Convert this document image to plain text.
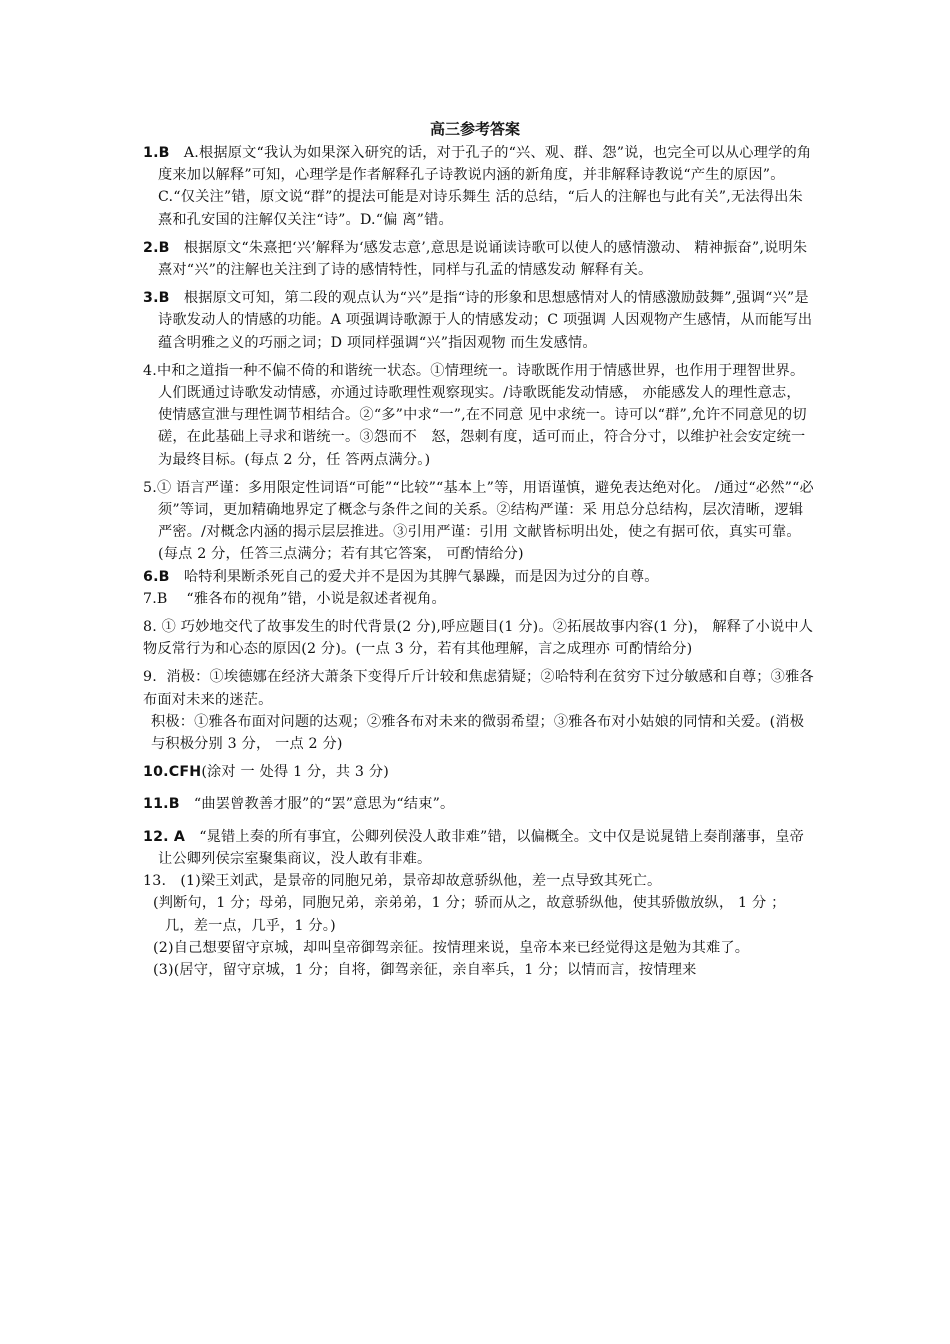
高三参考答案

1.B A.根据原文“我认为如果深入研究的话，对于孔子的“兴、观、群、怨”说，也完全可以从心理学的角度来加以解释”可知，心理学是作者解释孔子诗教说内涵的新角度，并非解释诗教说“产生的原因”。C.“仅关注”错，原文说“群”的提法可能是对诗乐舞生 活的总结，“后人的注解也与此有关”,无法得出朱熹和孔安国的注解仅关注“诗”。D.“偏 离”错。

2.B 根据原文“朱熹把‘兴’解释为‘感发志意’,意思是说诵读诗歌可以使人的感情激动、 精神振奋”,说明朱熹对“兴”的注解也关注到了诗的感情特性，同样与孔孟的情感发动 解释有关。

3.B 根据原文可知，第二段的观点认为“兴”是指“诗的形象和思想感情对人的情感激励鼓舞”,强调“兴”是诗歌发动人的情感的功能。A 项强调诗歌源于人的情感发动；C 项强调 人因观物产生感情，从而能写出蕴含明雅之义的巧丽之词；D 项同样强调“兴”指因观物 而生发感情。

4.中和之道指一种不偏不倚的和谐统一状态。①情理统一。诗歌既作用于情感世界，也作用于理智世界。人们既通过诗歌发动情感，亦通过诗歌理性观察现实。/诗歌既能发动情感， 亦能感发人的理性意志，使情感宣泄与理性调节相结合。②“多”中求“一”,在不同意 见中求统一。诗可以“群”,允许不同意见的切磋，在此基础上寻求和谐统一。③怨而不　怒，怨刺有度，适可而止，符合分寸，以维护社会安定统一为最终目标。(每点 2 分，任 答两点满分。)

5.① 语言严谨：多用限定性词语“可能”“比较”“基本上”等，用语谨慎，避免表达绝对化。 /通过“必然”“必须”等词，更加精确地界定了概念与条件之间的关系。②结构严谨：采 用总分总结构，层次清晰，逻辑严密。/对概念内涵的揭示层层推进。③引用严谨：引用 文献皆标明出处，使之有据可依，真实可靠。(每点 2 分，任答三点满分；若有其它答案， 可酌情给分)

6.B 哈特利果断杀死自己的爱犬并不是因为其脾气暴躁，而是因为过分的自尊。

7.B “雅各布的视角”错，小说是叙述者视角。

8. ① 巧妙地交代了故事发生的时代背景(2 分),呼应题目(1 分)。②拓展故事内容(1 分)， 解释了小说中人物反常行为和心态的原因(2 分)。(一点 3 分，若有其他理解，言之成理亦 可酌情给分)

9. 消极：①埃德娜在经济大萧条下变得斤斤计较和焦虑猜疑；②哈特利在贫穷下过分敏感和自尊；③雅各布面对未来的迷茫。

积极：①雅各布面对问题的达观；②雅各布对未来的微弱希望；③雅各布对小姑娘的同情和关爱。(消极与积极分别 3 分， 一点 2 分)

10.CFH(涂对 一 处得 1 分，共 3 分)

11.B “曲罢曾教善才服”的“罢”意思为“结束”。

12. A “晁错上奏的所有事宜，公卿列侯没人敢非难”错，以偏概全。文中仅是说晁错上奏削藩事，皇帝让公卿列侯宗室聚集商议，没人敢有非难。

13. (1)梁王刘武，是景帝的同胞兄弟，景帝却故意骄纵他，差一点导致其死亡。

(判断句，1 分；母弟，同胞兄弟，亲弟弟，1 分；骄而从之，故意骄纵他，使其骄傲放纵， 1 分 ； 几，差一点，几乎，1 分。)

(2)自己想要留守京城，却叫皇帝御驾亲征。按情理来说，皇帝本来已经觉得这是勉为其难了。

(3)(居守，留守京城，1 分；自将，御驾亲征，亲自率兵，1 分；以情而言，按情理来
